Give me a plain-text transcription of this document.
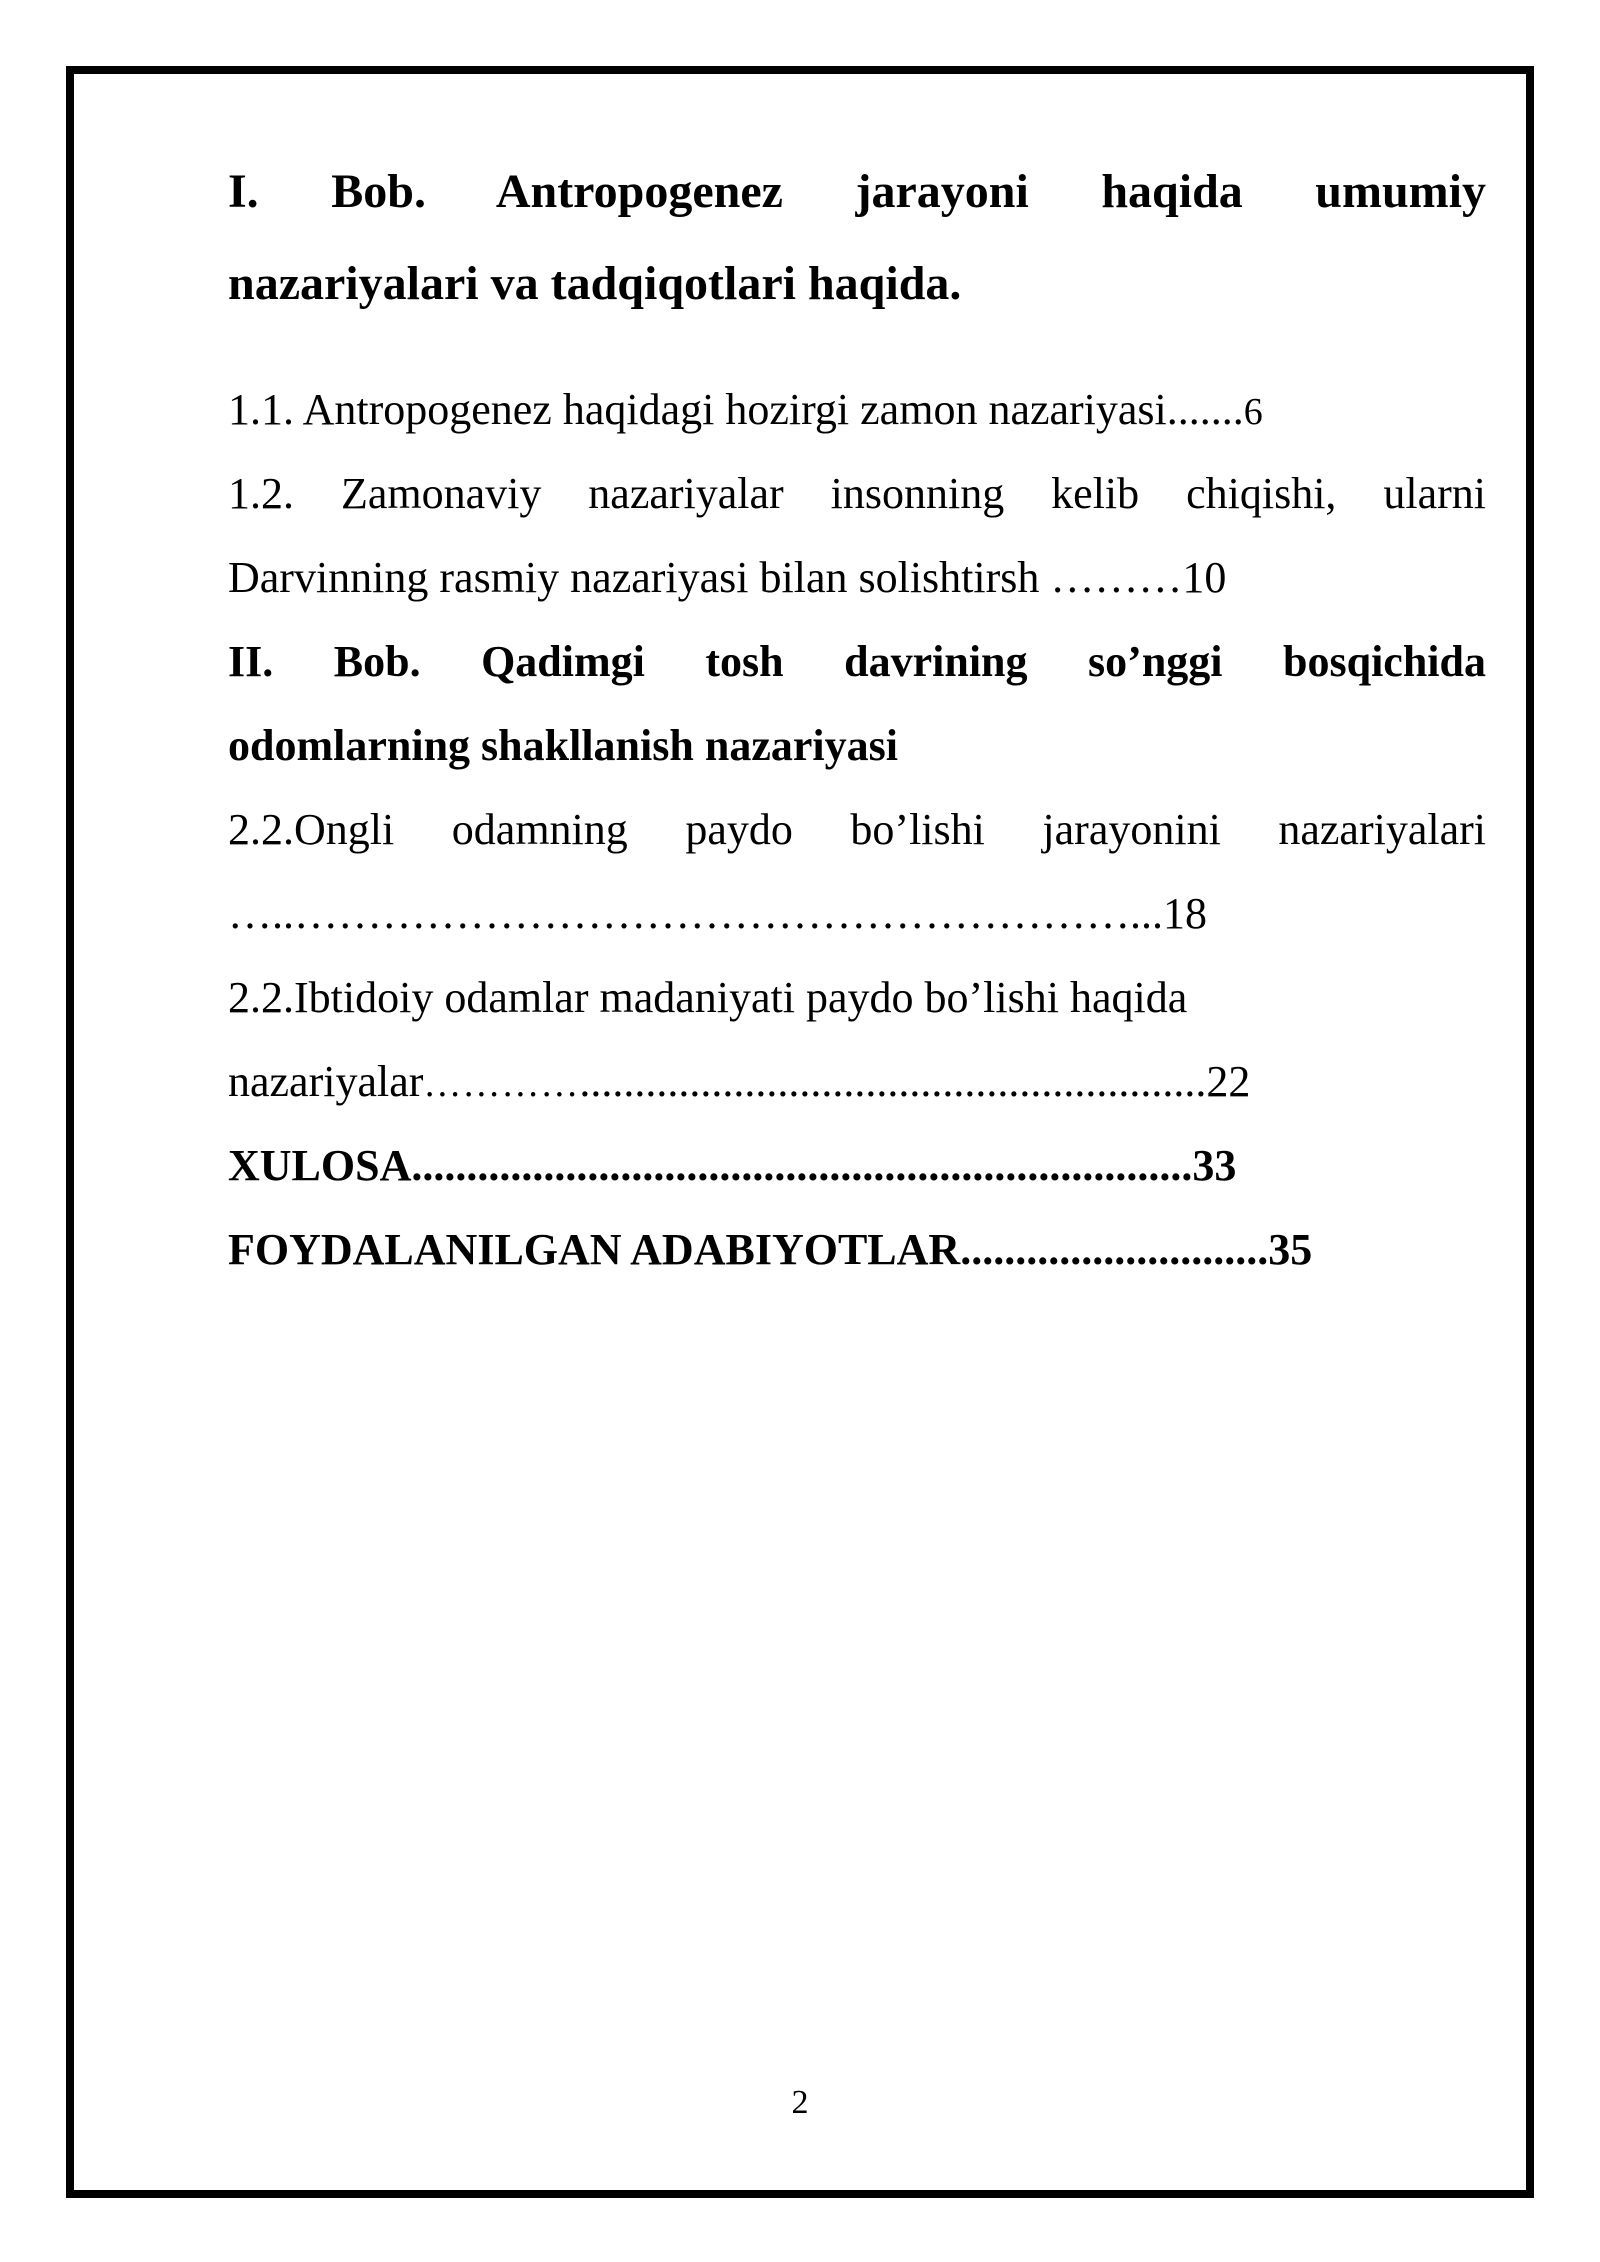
I. Bob. Antropogenez jarayoni haqida umumiy
nazariyalari va tadqiqotlari haqida.
1.1. Antropogenez haqidagi hozirgi zamon nazariyasi.......6
1.2. Zamonaviy nazariyalar insonning kelib chiqishi, ularni
Darvinning rasmiy nazariyasi bilan solishtirsh ………10
II. Bob. Qadimgi tosh davrining so’nggi bosqichida
odomlarning shakllanish nazariyasi
2.2.Ongli odamning paydo bo’lishi jarayonini nazariyalari
…..…………………………………………………...18
2.2.Ibtidoiy odamlar madaniyati paydo bo’lishi haqida
nazariyalar………….........................................................22
XULOSA.......................................................................33
FOYDALANILGAN ADABIYOTLAR............................35
2
